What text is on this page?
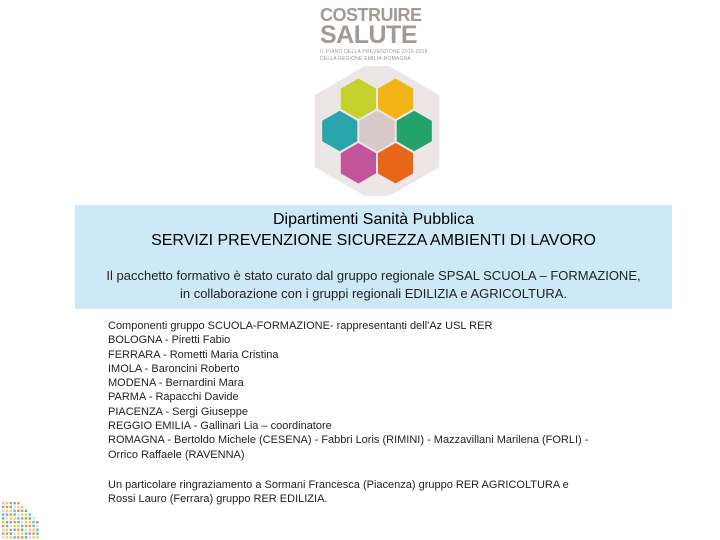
COSTRUIRE
SALUTE
IL PIANO DELLA PREVENZIONE 2015-2018
DELLA REGIONE EMILIA-ROMAGNA
Dipartimenti Sanità Pubblica
SERVIZI PREVENZIONE SICUREZZA AMBIENTI DI LAVORO
Il pacchetto formativo è stato curato dal gruppo regionale SPSAL SCUOLA – FORMAZIONE,
in collaborazione con i gruppi regionali EDILIZIA e AGRICOLTURA.
Componenti gruppo SCUOLA-FORMAZIONE- rappresentanti dell'Az USL RER
BOLOGNA - Piretti Fabio
FERRARA - Rometti Maria Cristina
IMOLA - Baroncini Roberto
MODENA - Bernardini Mara
PARMA - Rapacchi Davide
PIACENZA - Sergi Giuseppe
REGGIO EMILIA - Gallinari Lia – coordinatore
ROMAGNA - Bertoldo Michele (CESENA) - Fabbri Loris (RIMINI) - Mazzavillani Marilena (FORLI) -
Orrico Raffaele (RAVENNA)
Un particolare ringraziamento a Sormani Francesca (Piacenza) gruppo RER AGRICOLTURA e
Rossi Lauro (Ferrara) gruppo RER EDILIZIA.
